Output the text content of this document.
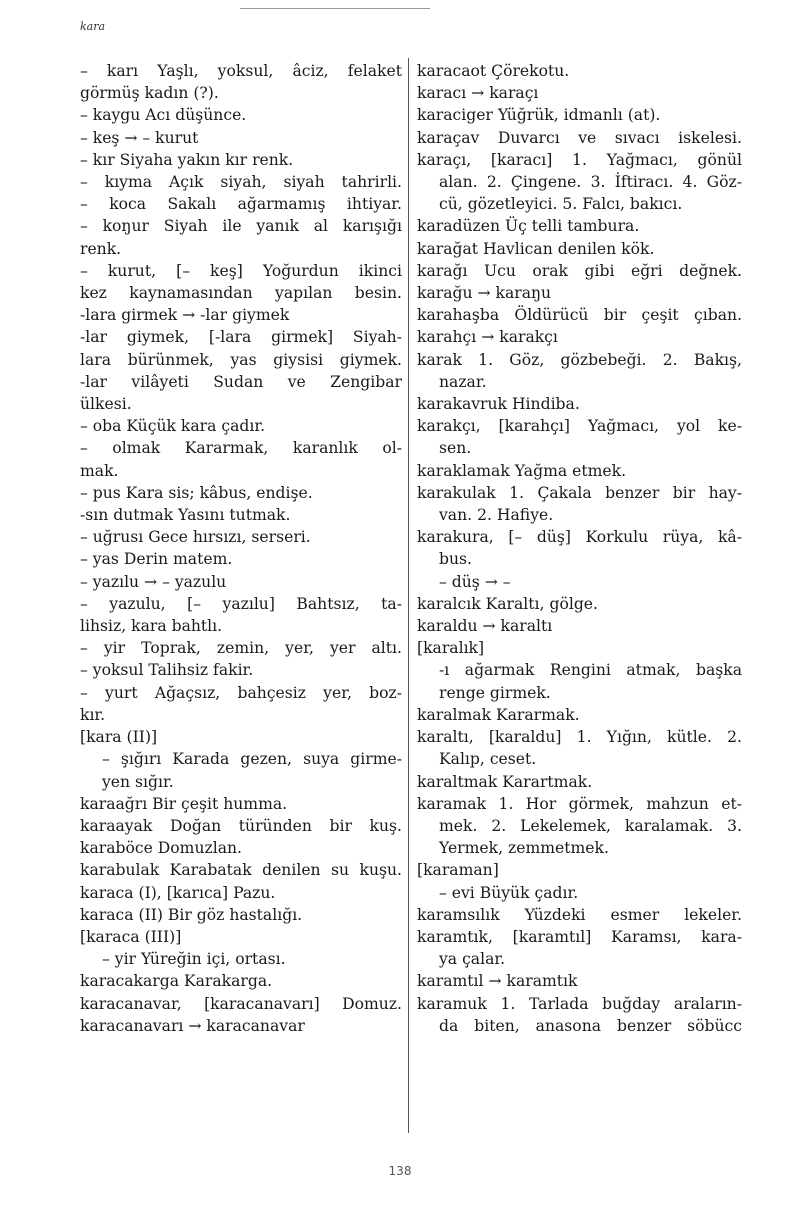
kara
– karı Yaşlı, yoksul, âciz, felaket
görmüş kadın (?).
– kaygu Acı düşünce.
– keş → – kurut
– kır Siyaha yakın kır renk.
– kıyma Açık siyah, siyah tahrirli.
– koca Sakalı ağarmamış ihtiyar.
– koŋur Siyah ile yanık al karışığı
renk.
– kurut, [– keş] Yoğurdun ikinci
kez kaynamasından yapılan besin.
-lara girmek → -lar giymek
-lar giymek, [-lara girmek] Siyah-
lara bürünmek, yas giysisi giymek.
-lar vilâyeti Sudan ve Zengibar
ülkesi.
– oba Küçük kara çadır.
– olmak Kararmak, karanlık ol-
mak.
– pus Kara sis; kâbus, endişe.
-sın dutmak Yasını tutmak.
– uğrusı Gece hırsızı, serseri.
– yas Derin matem.
– yazılu → – yazulu
– yazulu, [– yazılu] Bahtsız, ta-
lihsiz, kara bahtlı.
– yir Toprak, zemin, yer, yer altı.
– yoksul Talihsiz fakir.
– yurt Ağaçsız, bahçesiz yer, boz-
kır.
[kara (II)]
– şığırı Karada gezen, suya girme-
yen sığır.
karaağrı Bir çeşit humma.
karaayak Doğan türünden bir kuş.
karaböce Domuzlan.
karabulak Karabatak denilen su kuşu.
karaca (I), [karıca] Pazu.
karaca (II) Bir göz hastalığı.
[karaca (III)]
– yir Yüreğin içi, ortası.
karacakarga Karakarga.
karacanavar, [karacanavarı] Domuz.
karacanavarı → karacanavar
karacaot Çörekotu.
karacı → karaçı
karaciger Yüğrük, idmanlı (at).
karaçav Duvarcı ve sıvacı iskelesi.
karaçı, [karacı] 1. Yağmacı, gönül
alan. 2. Çingene. 3. İftiracı. 4. Göz-
cü, gözetleyici. 5. Falcı, bakıcı.
karadüzen Üç telli tambura.
karağat Havlican denilen kök.
karağı Ucu orak gibi eğri değnek.
karağu → karaŋu
karahaşba Öldürücü bir çeşit çıban.
karahçı → karakçı
karak 1. Göz, gözbebeği. 2. Bakış,
nazar.
karakavruk Hindiba.
karakçı, [karahçı] Yağmacı, yol ke-
sen.
karaklamak Yağma etmek.
karakulak 1. Çakala benzer bir hay-
van. 2. Hafiye.
karakura, [– düş] Korkulu rüya, kâ-
bus.
– düş → –
karalcık Karaltı, gölge.
karaldu → karaltı
[karalık]
-ı ağarmak Rengini atmak, başka
renge girmek.
karalmak Kararmak.
karaltı, [karaldu] 1. Yığın, kütle. 2.
Kalıp, ceset.
karaltmak Karartmak.
karamak 1. Hor görmek, mahzun et-
mek. 2. Lekelemek, karalamak. 3.
Yermek, zemmetmek.
[karaman]
– evi Büyük çadır.
karamsılık Yüzdeki esmer lekeler.
karamtık, [karamtıl] Karamsı, kara-
ya çalar.
karamtıl → karamtık
karamuk 1. Tarlada buğday araların-
da biten, anasona benzer söbücc
138
